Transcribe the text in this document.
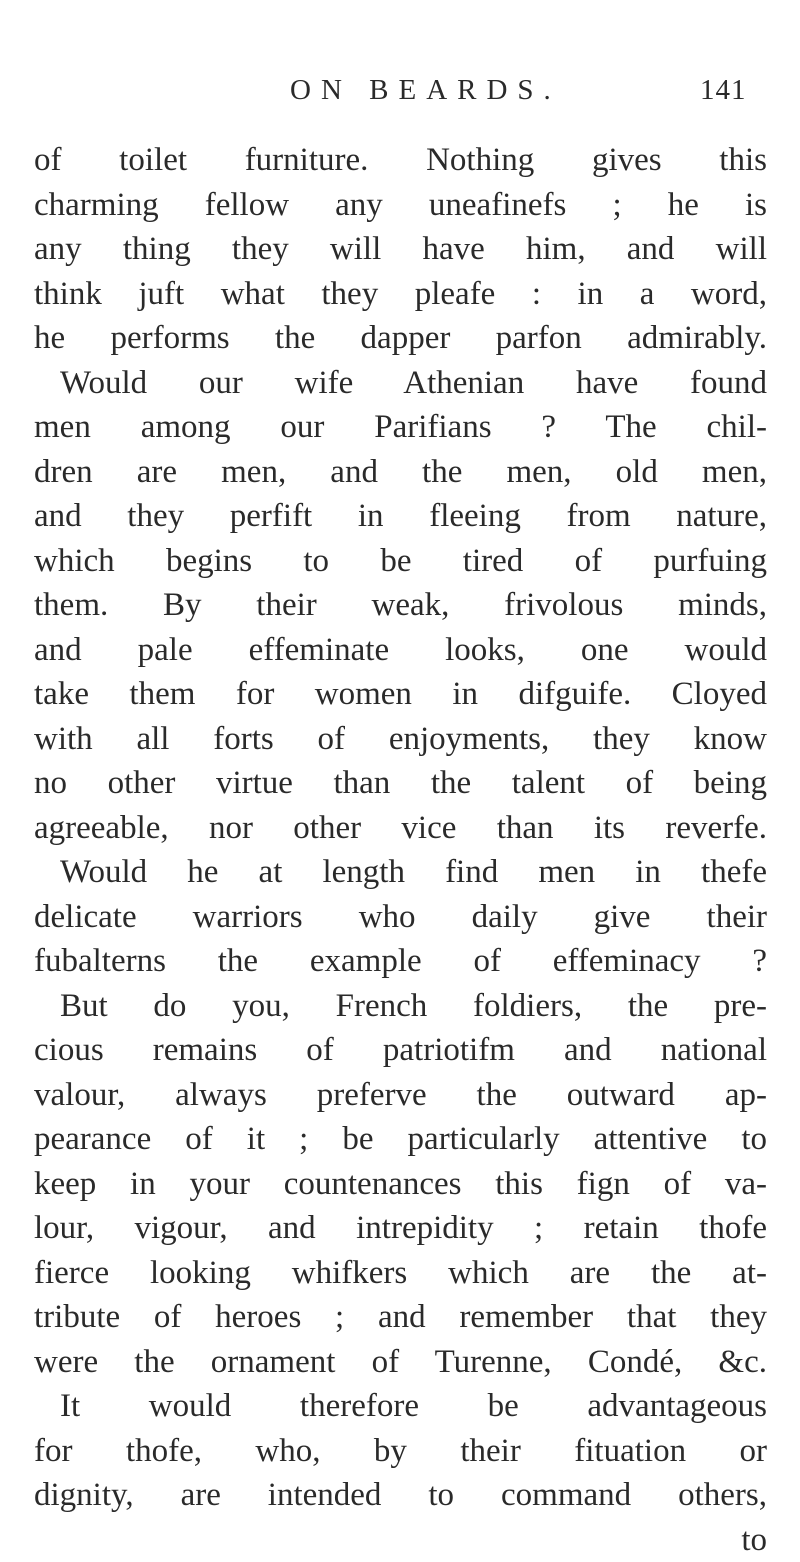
ON BEARDS.	141
of toilet furniture. Nothing gives this
charming fellow any uneafinefs ; he is
any thing they will have him, and will
think juft what they pleafe : in a word,
he performs the dapper parfon admirably.
Would our wife Athenian have found
men among our Parifians ? The chil-
dren are men, and the men, old men,
and they perfift in fleeing from nature,
which begins to be tired of purfuing
them. By their weak, frivolous minds,
and pale effeminate looks, one would
take them for women in difguife. Cloyed
with all forts of enjoyments, they know
no other virtue than the talent of being
agreeable, nor other vice than its reverfe.
Would he at length find men in thefe
delicate warriors who daily give their
fubalterns the example of effeminacy ?
But do you, French foldiers, the pre-
cious remains of patriotifm and national
valour, always preferve the outward ap-
pearance of it ; be particularly attentive to
keep in your countenances this fign of va-
lour, vigour, and intrepidity ; retain thofe
fierce looking whifkers which are the at-
tribute of heroes ; and remember that they
were the ornament of Turenne, Condé, &c.
It would therefore be advantageous
for thofe, who, by their fituation or
dignity, are intended to command others,
to
